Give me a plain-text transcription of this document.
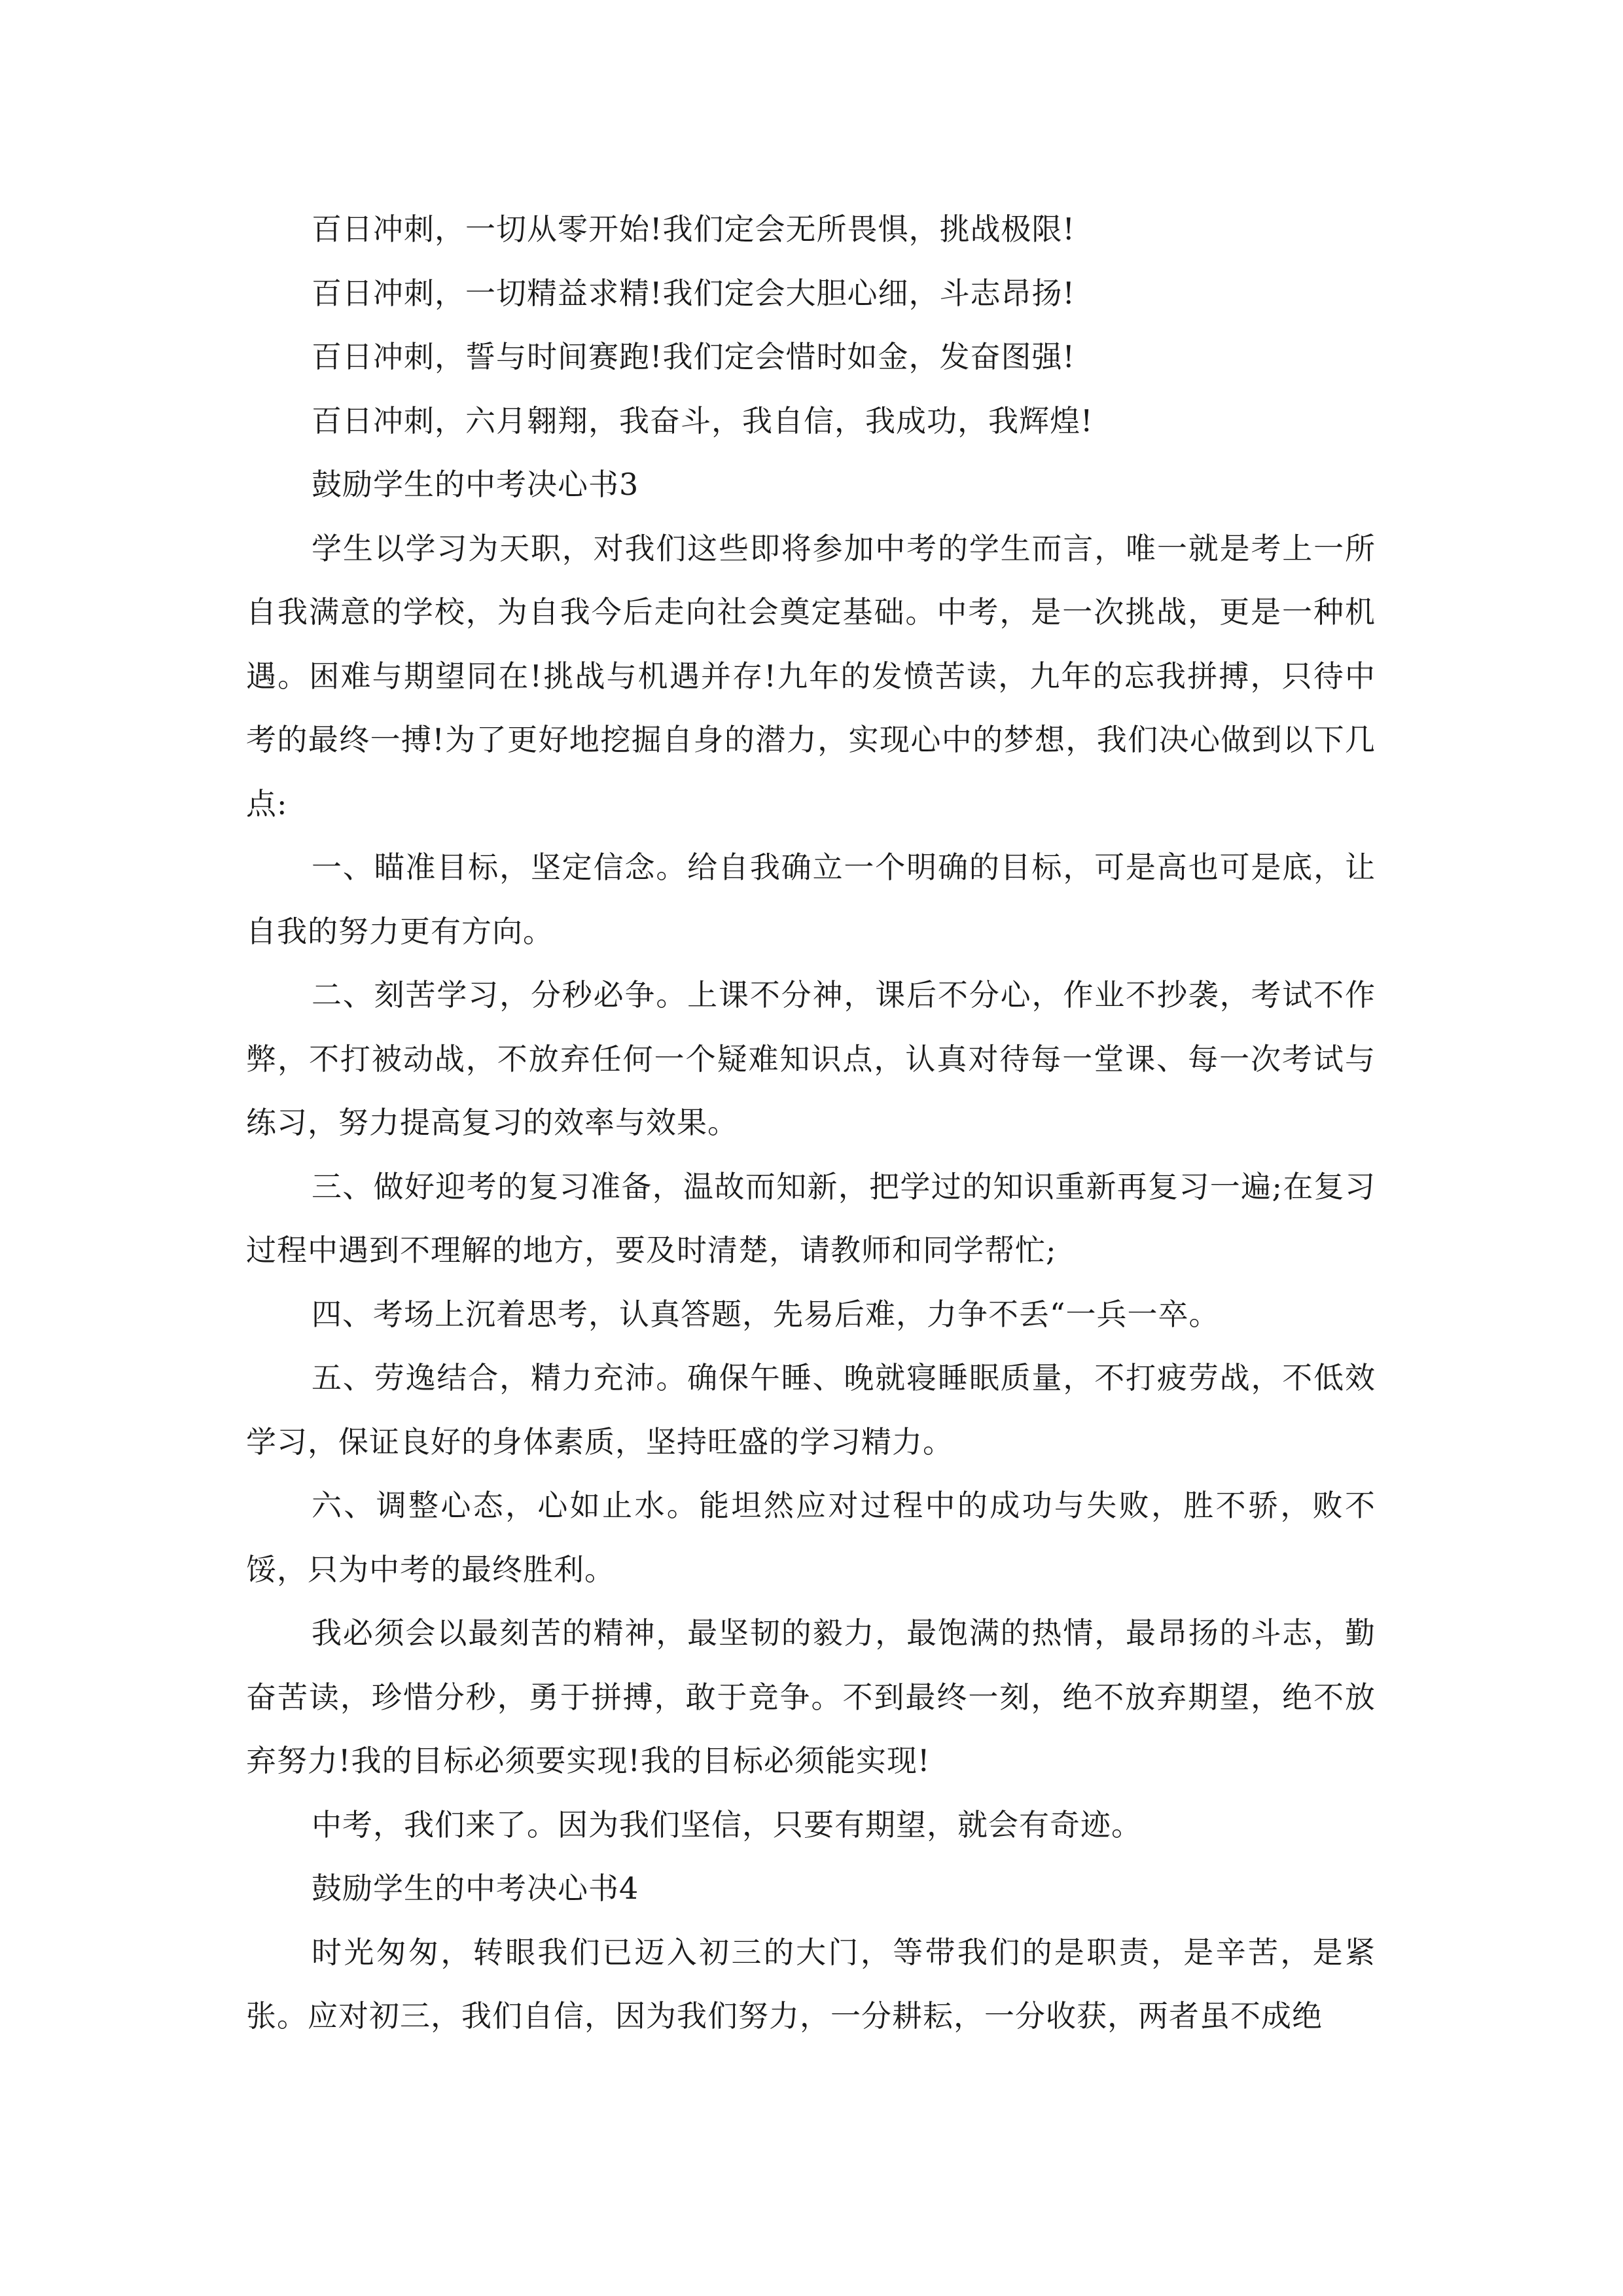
百日冲刺，一切从零开始!我们定会无所畏惧，挑战极限!

百日冲刺，一切精益求精!我们定会大胆心细，斗志昂扬!

百日冲刺，誓与时间赛跑!我们定会惜时如金，发奋图强!

百日冲刺，六月翱翔，我奋斗，我自信，我成功，我辉煌!

鼓励学生的中考决心书3

学生以学习为天职，对我们这些即将参加中考的学生而言，唯一就是考上一所自我满意的学校，为自我今后走向社会奠定基础。中考，是一次挑战，更是一种机遇。困难与期望同在!挑战与机遇并存!九年的发愤苦读，九年的忘我拼搏，只待中考的最终一搏!为了更好地挖掘自身的潜力，实现心中的梦想，我们决心做到以下几点:

一、瞄准目标，坚定信念。给自我确立一个明确的目标，可是高也可是底，让自我的努力更有方向。

二、刻苦学习，分秒必争。上课不分神，课后不分心，作业不抄袭，考试不作弊，不打被动战，不放弃任何一个疑难知识点，认真对待每一堂课、每一次考试与练习，努力提高复习的效率与效果。

三、做好迎考的复习准备，温故而知新，把学过的知识重新再复习一遍;在复习过程中遇到不理解的地方，要及时清楚，请教师和同学帮忙;

四、考场上沉着思考，认真答题，先易后难，力争不丢“一兵一卒。

五、劳逸结合，精力充沛。确保午睡、晚就寝睡眠质量，不打疲劳战，不低效学习，保证良好的身体素质，坚持旺盛的学习精力。

六、调整心态，心如止水。能坦然应对过程中的成功与失败，胜不骄，败不馁，只为中考的最终胜利。

我必须会以最刻苦的精神，最坚韧的毅力，最饱满的热情，最昂扬的斗志，勤奋苦读，珍惜分秒，勇于拼搏，敢于竞争。不到最终一刻，绝不放弃期望，绝不放弃努力!我的目标必须要实现!我的目标必须能实现!

中考，我们来了。因为我们坚信，只要有期望，就会有奇迹。

鼓励学生的中考决心书4

时光匆匆，转眼我们已迈入初三的大门，等带我们的是职责，是辛苦，是紧张。应对初三，我们自信，因为我们努力，一分耕耘，一分收获，两者虽不成绝
